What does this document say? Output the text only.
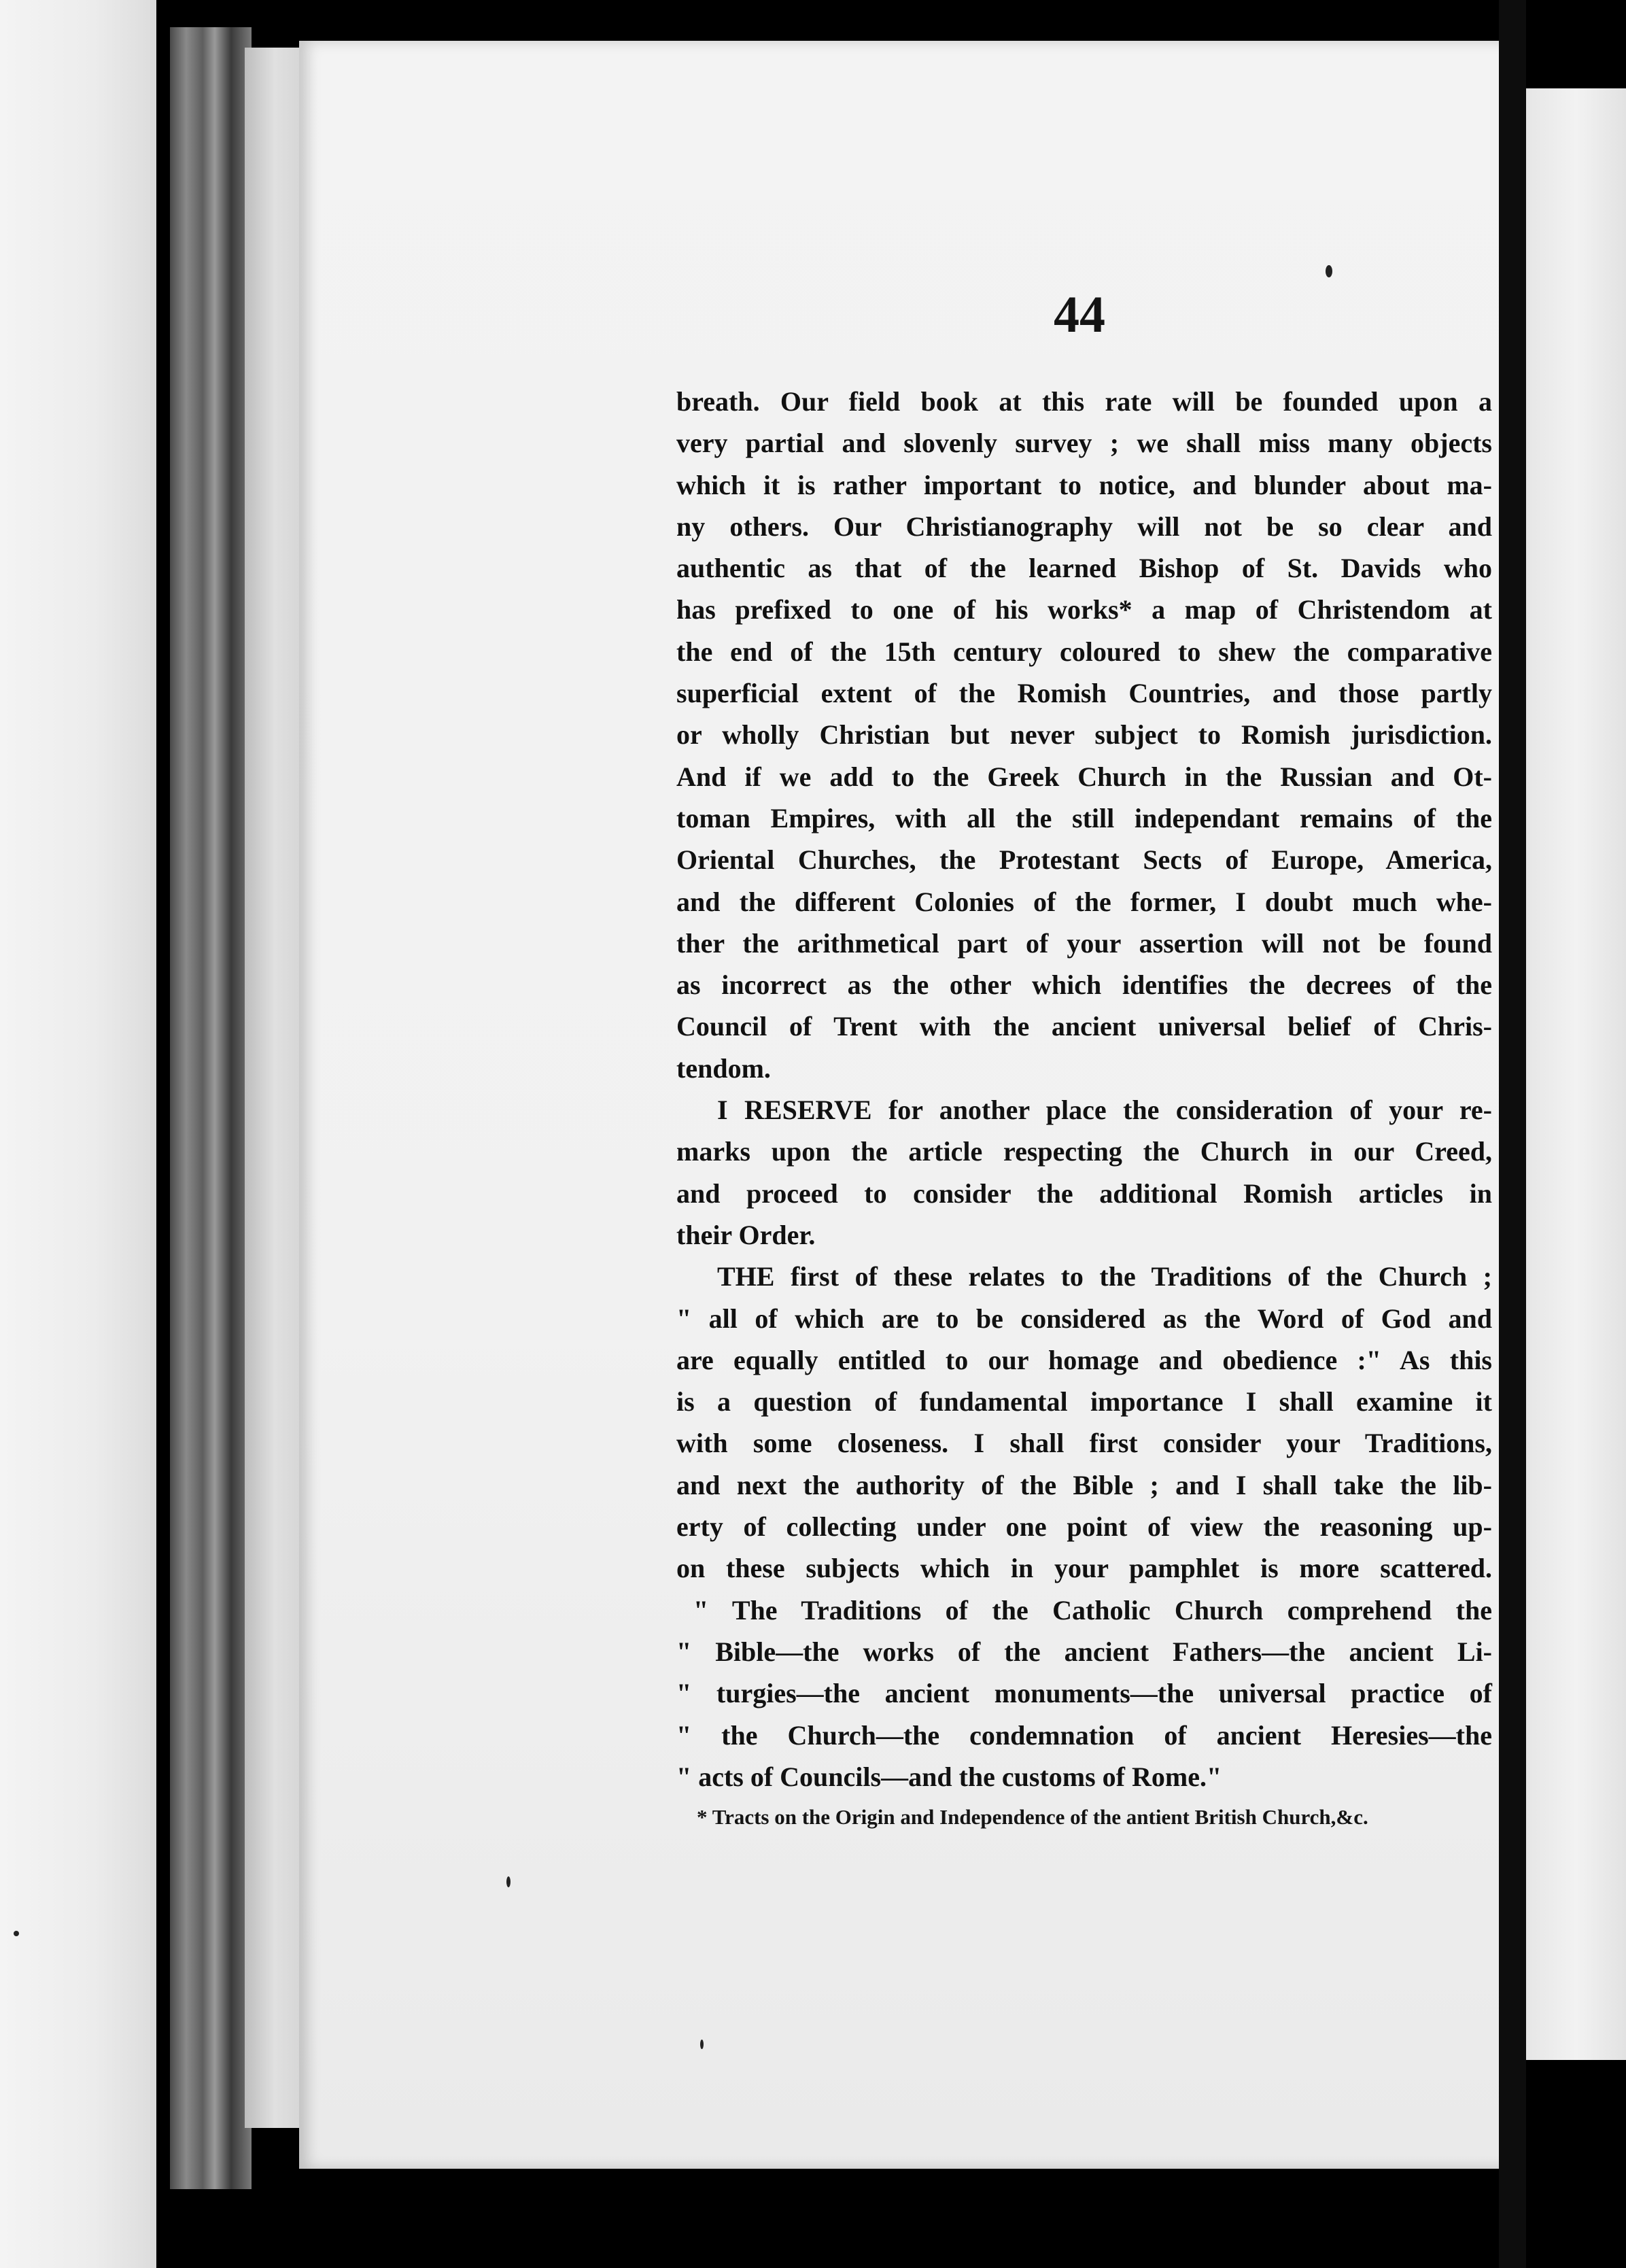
44
breath. Our field book at this rate will be founded upon a
very partial and slovenly survey ; we shall miss many objects
which it is rather important to notice, and blunder about ma-
ny others. Our Christianography will not be so clear and
authentic as that of the learned Bishop of St. Davids who
has prefixed to one of his works* a map of Christendom at
the end of the 15th century coloured to shew the comparative
superficial extent of the Romish Countries, and those partly
or wholly Christian but never subject to Romish jurisdiction.
And if we add to the Greek Church in the Russian and Ot-
toman Empires, with all the still independant remains of the
Oriental Churches, the Protestant Sects of Europe, America,
and the different Colonies of the former, I doubt much whe-
ther the arithmetical part of your assertion will not be found
as incorrect as the other which identifies the decrees of the
Council of Trent with the ancient universal belief of Chris-
tendom.
I RESERVE for another place the consideration of your re-
marks upon the article respecting the Church in our Creed,
and proceed to consider the additional Romish articles in
their Order.
THE first of these relates to the Traditions of the Church ;
" all of which are to be considered as the Word of God and
are equally entitled to our homage and obedience :" As this
is a question of fundamental importance I shall examine it
with some closeness. I shall first consider your Traditions,
and next the authority of the Bible ; and I shall take the lib-
erty of collecting under one point of view the reasoning up-
on these subjects which in your pamphlet is more scattered.
" The Traditions of the Catholic Church comprehend the
" Bible—the works of the ancient Fathers—the ancient Li-
" turgies—the ancient monuments—the universal practice of
" the Church—the condemnation of ancient Heresies—the
" acts of Councils—and the customs of Rome."
* Tracts on the Origin and Independence of the antient British Church,&c.
